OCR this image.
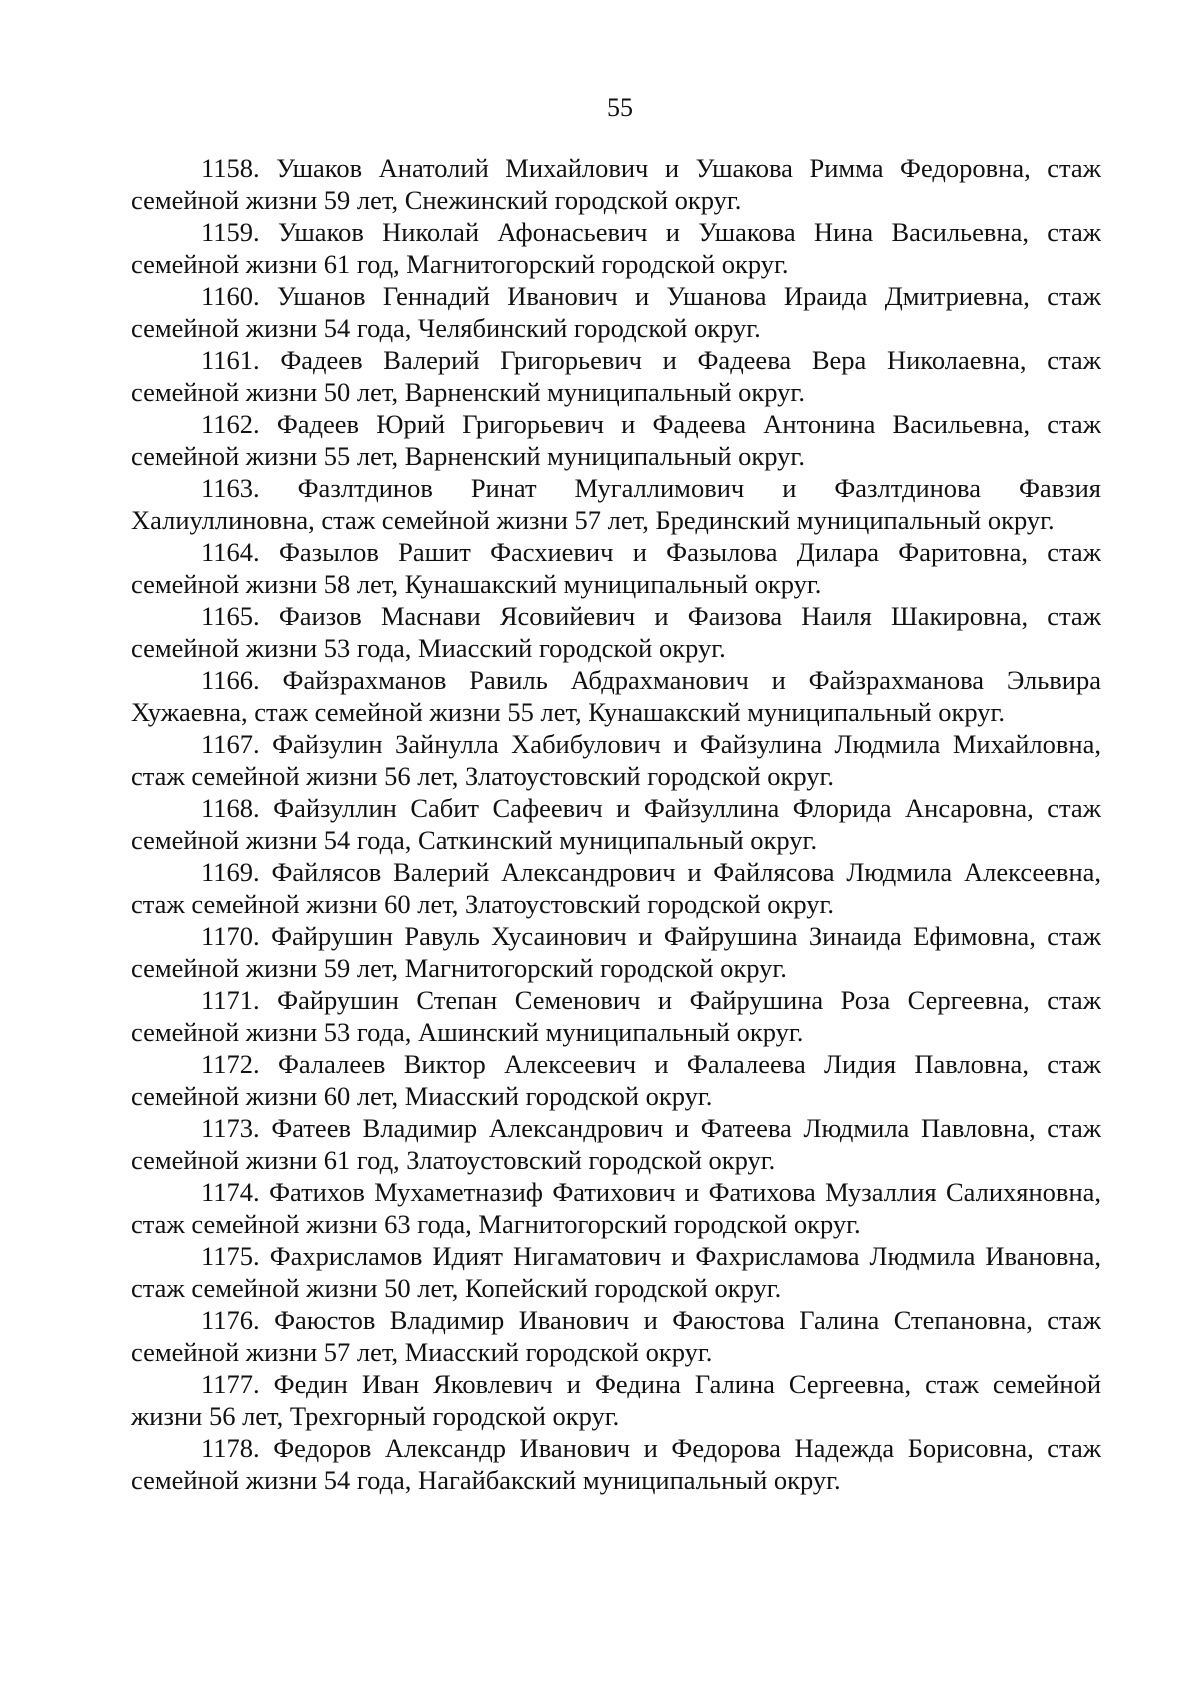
55

1158. Ушаков Анатолий Михайлович и Ушакова Римма Федоровна, стаж семейной жизни 59 лет, Снежинский городской округ.

1159. Ушаков Николай Афонасьевич и Ушакова Нина Васильевна, стаж семейной жизни 61 год, Магнитогорский городской округ.

1160. Ушанов Геннадий Иванович и Ушанова Ираида Дмитриевна, стаж семейной жизни 54 года, Челябинский городской округ.

1161. Фадеев Валерий Григорьевич и Фадеева Вера Николаевна, стаж семейной жизни 50 лет, Варненский муниципальный округ.

1162. Фадеев Юрий Григорьевич и Фадеева Антонина Васильевна, стаж семейной жизни 55 лет, Варненский муниципальный округ.

1163. Фазлтдинов Ринат Мугаллимович и Фазлтдинова Фавзия Халиуллиновна, стаж семейной жизни 57 лет, Брединский муниципальный округ.

1164. Фазылов Рашит Фасхиевич и Фазылова Дилара Фаритовна, стаж семейной жизни 58 лет, Кунашакский муниципальный округ.

1165. Фаизов Маснави Ясовийевич и Фаизова Наиля Шакировна, стаж семейной жизни 53 года, Миасский городской округ.

1166. Файзрахманов Равиль Абдрахманович и Файзрахманова Эльвира Хужаевна, стаж семейной жизни 55 лет, Кунашакский муниципальный округ.

1167. Файзулин Зайнулла Хабибулович и Файзулина Людмила Михайловна, стаж семейной жизни 56 лет, Златоустовский городской округ.

1168. Файзуллин Сабит Сафеевич и Файзуллина Флорида Ансаровна, стаж семейной жизни 54 года, Саткинский муниципальный округ.

1169. Файлясов Валерий Александрович и Файлясова Людмила Алексеевна, стаж семейной жизни 60 лет, Златоустовский городской округ.

1170. Файрушин Равуль Хусаинович и Файрушина Зинаида Ефимовна, стаж семейной жизни 59 лет, Магнитогорский городской округ.

1171. Файрушин Степан Семенович и Файрушина Роза Сергеевна, стаж семейной жизни 53 года, Ашинский муниципальный округ.

1172. Фалалеев Виктор Алексеевич и Фалалеева Лидия Павловна, стаж семейной жизни 60 лет, Миасский городской округ.

1173. Фатеев Владимир Александрович и Фатеева Людмила Павловна, стаж семейной жизни 61 год, Златоустовский городской округ.

1174. Фатихов Мухаметназиф Фатихович и Фатихова Музаллия Салихяновна, стаж семейной жизни 63 года, Магнитогорский городской округ.

1175. Фахрисламов Идият Нигаматович и Фахрисламова Людмила Ивановна, стаж семейной жизни 50 лет, Копейский городской округ.

1176. Фаюстов Владимир Иванович и Фаюстова Галина Степановна, стаж семейной жизни 57 лет, Миасский городской округ.

1177. Федин Иван Яковлевич и Федина Галина Сергеевна, стаж семейной жизни 56 лет, Трехгорный городской округ.

1178. Федоров Александр Иванович и Федорова Надежда Борисовна, стаж семейной жизни 54 года, Нагайбакский муниципальный округ.
